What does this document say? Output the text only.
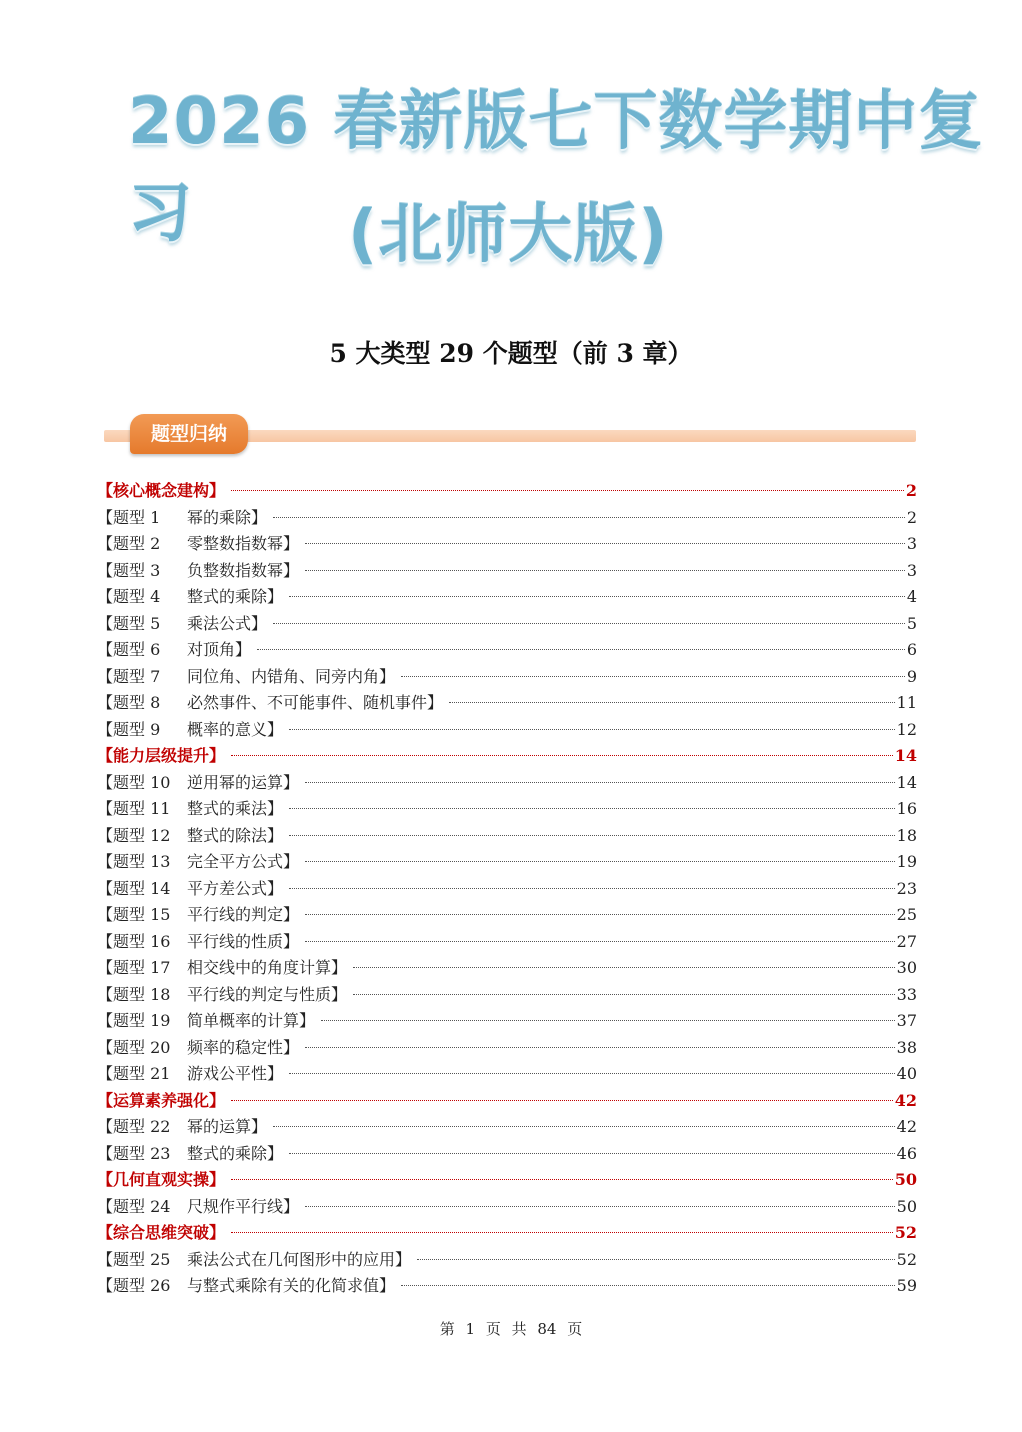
2026 春新版七下数学期中复习	(北师大版)
5 大类型 29 个题型（前 3 章）
题型归纳
【核心概念建构】	2
【题型 1	幂的乘除】	2
【题型 2	零整数指数幂】	3
【题型 3	负整数指数幂】	3
【题型 4	整式的乘除】	4
【题型 5	乘法公式】	5
【题型 6	对顶角】	6
【题型 7	同位角、内错角、同旁内角】	9
【题型 8	必然事件、不可能事件、随机事件】	11
【题型 9	概率的意义】	12
【能力层级提升】	14
【题型 10	逆用幂的运算】	14
【题型 11	整式的乘法】	16
【题型 12	整式的除法】	18
【题型 13	完全平方公式】	19
【题型 14	平方差公式】	23
【题型 15	平行线的判定】	25
【题型 16	平行线的性质】	27
【题型 17	相交线中的角度计算】	30
【题型 18	平行线的判定与性质】	33
【题型 19	简单概率的计算】	37
【题型 20	频率的稳定性】	38
【题型 21	游戏公平性】	40
【运算素养强化】	42
【题型 22	幂的运算】	42
【题型 23	整式的乘除】	46
【几何直观实操】	50
【题型 24	尺规作平行线】	50
【综合思维突破】	52
【题型 25	乘法公式在几何图形中的应用】	52
【题型 26	与整式乘除有关的化简求值】	59
第 1 页 共 84 页
